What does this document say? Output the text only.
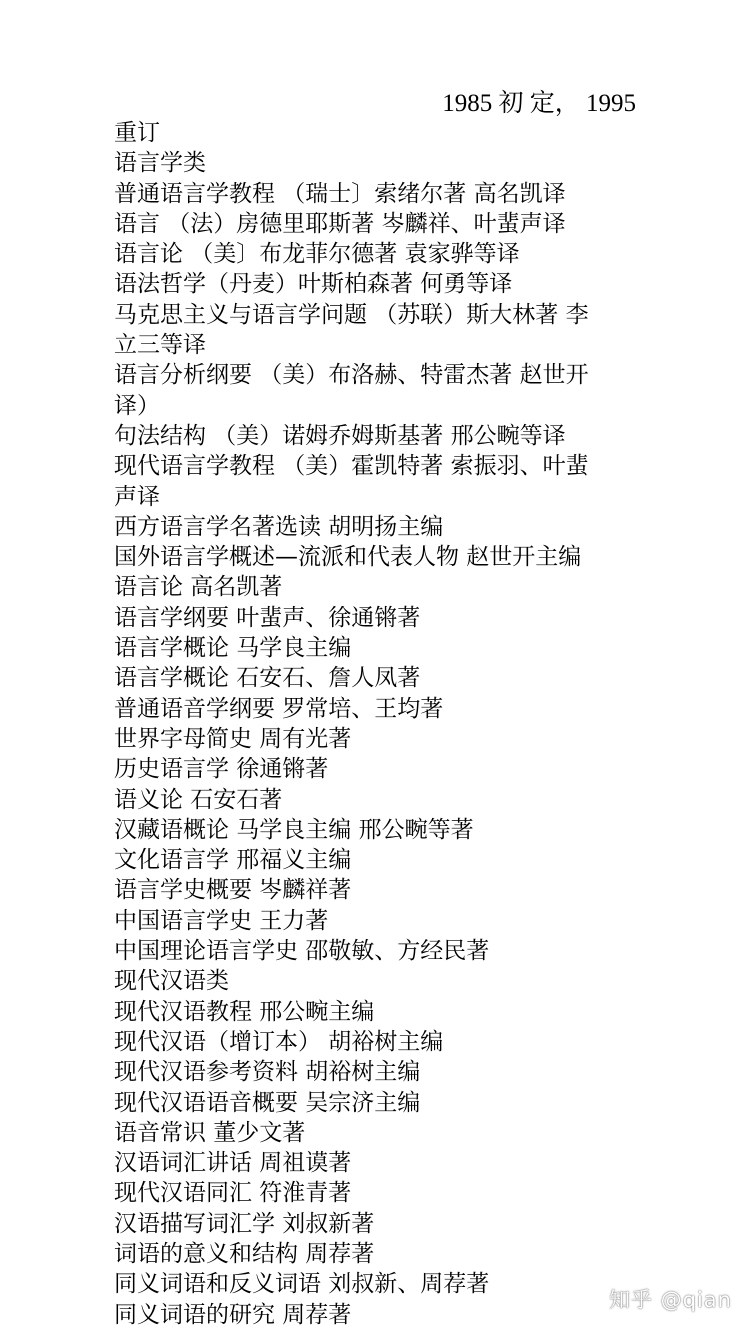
1985 初 定， 1995
重订
语言学类
普通语言学教程 （瑞士〕索绪尔著 高名凯译
语言 （法）房德里耶斯著 岑麟祥、叶蜚声译
语言论 （美〕布龙菲尔德著 袁家骅等译
语法哲学（丹麦）叶斯柏森著 何勇等译
马克思主义与语言学问题 （苏联）斯大林著 李
立三等译
语言分析纲要 （美）布洛赫、特雷杰著 赵世开
译）
句法结构 （美）诺姆乔姆斯基著 邢公畹等译
现代语言学教程 （美）霍凯特著 索振羽、叶蜚
声译
西方语言学名著选读 胡明扬主编
国外语言学概述—流派和代表人物 赵世开主编
语言论 高名凯著
语言学纲要 叶蜚声、徐通锵著
语言学概论 马学良主编
语言学概论 石安石、詹人凤著
普通语音学纲要 罗常培、王均著
世界字母简史 周有光著
历史语言学 徐通锵著
语义论 石安石著
汉藏语概论 马学良主编 邢公畹等著
文化语言学 邢福义主编
语言学史概要 岑麟祥著
中国语言学史 王力著
中国理论语言学史 邵敬敏、方经民著
现代汉语类
现代汉语教程 邢公畹主编
现代汉语（增订本） 胡裕树主编
现代汉语参考资料 胡裕树主编
现代汉语语音概要 吴宗济主编
语音常识 董少文著
汉语词汇讲话 周祖谟著
现代汉语同汇 符淮青著
汉语描写词汇学 刘叔新著
词语的意义和结构 周荐著
同义词语和反义词语 刘叔新、周荐著
同义词语的研究 周荐著
知乎 @qian
